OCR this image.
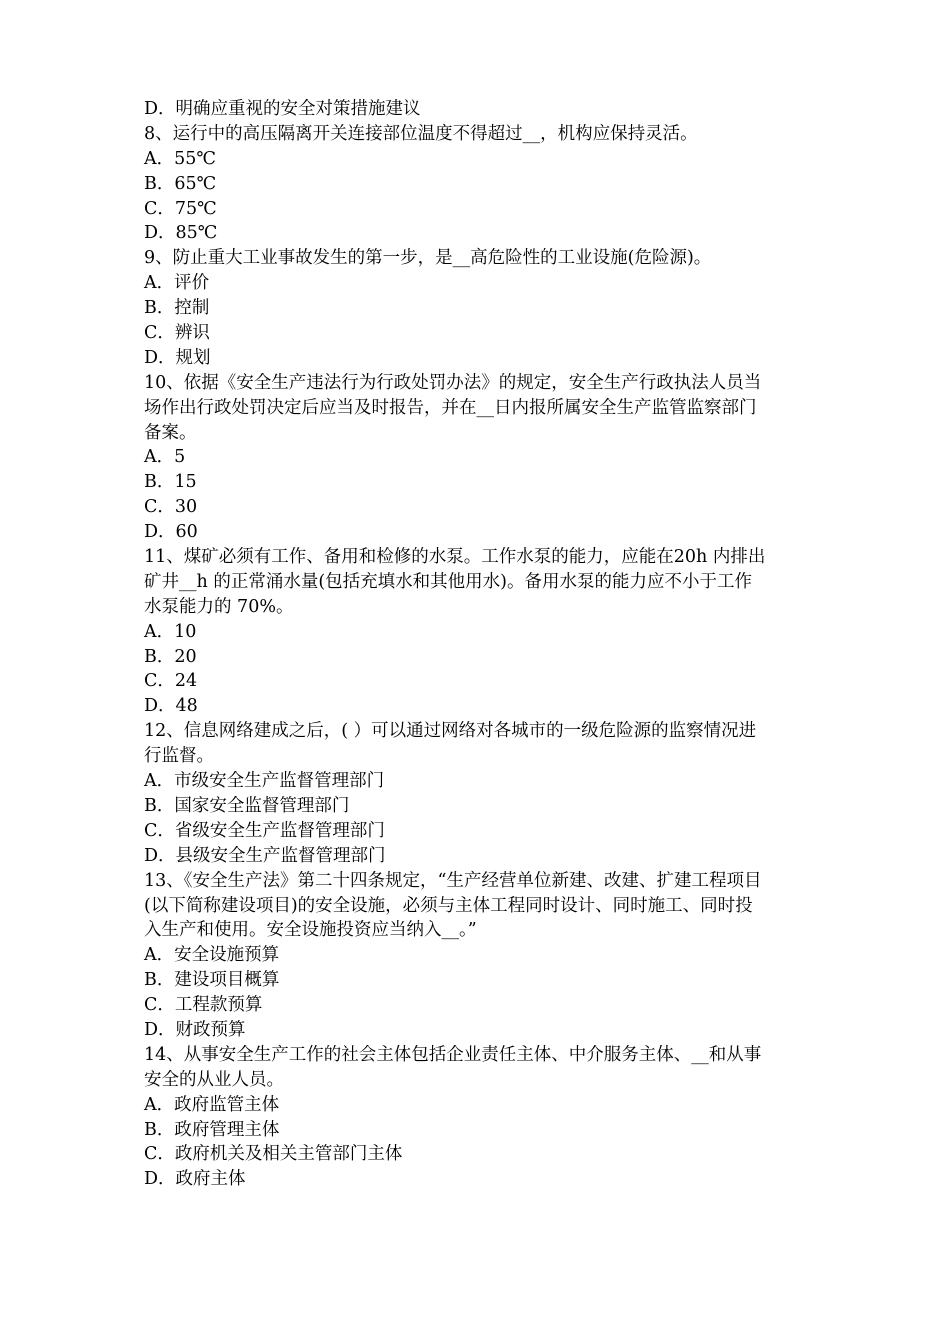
D．明确应重视的安全对策措施建议
8、运行中的高压隔离开关连接部位温度不得超过__，机构应保持灵活。
A．55℃
B．65℃
C．75℃
D．85℃
9、防止重大工业事故发生的第一步，是__高危险性的工业设施(危险源)。
A．评价
B．控制
C．辨识
D．规划
10、依据《安全生产违法行为行政处罚办法》的规定，安全生产行政执法人员当
场作出行政处罚决定后应当及时报告，并在__日内报所属安全生产监管监察部门
备案。
A．5
B．15
C．30
D．60
11、煤矿必须有工作、备用和检修的水泵。工作水泵的能力，应能在20h 内排出
矿井__h 的正常涌水量(包括充填水和其他用水)。备用水泵的能力应不小于工作
水泵能力的 70%。
A．10
B．20
C．24
D．48
12、信息网络建成之后，( ）可以通过网络对各城市的一级危险源的监察情况进
行监督。
A．市级安全生产监督管理部门
B．国家安全监督管理部门
C．省级安全生产监督管理部门
D．县级安全生产监督管理部门
13、《安全生产法》第二十四条规定，“生产经营单位新建、改建、扩建工程项目
(以下简称建设项目)的安全设施，必须与主体工程同时设计、同时施工、同时投
入生产和使用。安全设施投资应当纳入__。”
A．安全设施预算
B．建设项目概算
C．工程款预算
D．财政预算
14、从事安全生产工作的社会主体包括企业责任主体、中介服务主体、__和从事
安全的从业人员。
A．政府监管主体
B．政府管理主体
C．政府机关及相关主管部门主体
D．政府主体
